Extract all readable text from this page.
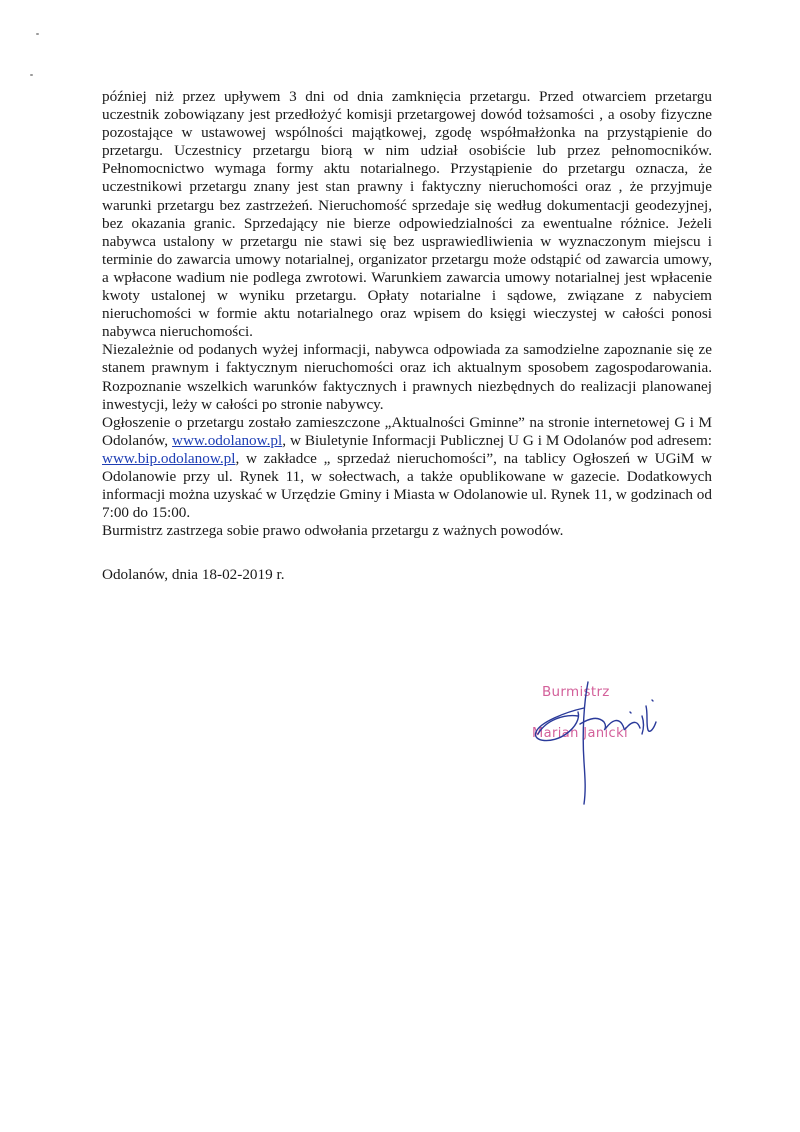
później niż przez upływem 3 dni od dnia zamknięcia przetargu. Przed otwarciem przetargu uczestnik zobowiązany jest przedłożyć komisji przetargowej dowód tożsamości , a osoby fizyczne pozostające w ustawowej wspólności majątkowej, zgodę współmałżonka na przystąpienie do przetargu. Uczestnicy przetargu biorą w nim udział osobiście lub przez pełnomocników. Pełnomocnictwo wymaga formy aktu notarialnego. Przystąpienie do przetargu oznacza, że uczestnikowi przetargu znany jest stan prawny i faktyczny nieruchomości oraz , że przyjmuje warunki przetargu bez zastrzeżeń. Nieruchomość sprzedaje się według dokumentacji geodezyjnej, bez okazania granic. Sprzedający nie bierze odpowiedzialności za ewentualne różnice. Jeżeli nabywca ustalony w przetargu nie stawi się bez usprawiedliwienia w wyznaczonym miejscu i terminie do zawarcia umowy notarialnej, organizator przetargu może odstąpić od zawarcia umowy, a wpłacone wadium nie podlega zwrotowi. Warunkiem zawarcia umowy notarialnej jest wpłacenie kwoty ustalonej w wyniku przetargu. Opłaty notarialne i sądowe, związane z nabyciem nieruchomości w formie aktu notarialnego oraz wpisem do księgi wieczystej w całości ponosi nabywca nieruchomości.

Niezależnie od podanych wyżej informacji, nabywca odpowiada za samodzielne zapoznanie się ze stanem prawnym i faktycznym nieruchomości oraz ich aktualnym sposobem zagospodarowania. Rozpoznanie wszelkich warunków faktycznych i prawnych niezbędnych do realizacji planowanej inwestycji, leży w całości po stronie nabywcy.

Ogłoszenie o przetargu zostało zamieszczone „Aktualności Gminne” na stronie internetowej G i M Odolanów, www.odolanow.pl, w Biuletynie Informacji Publicznej U G i M Odolanów pod adresem: www.bip.odolanow.pl, w zakładce „ sprzedaż nieruchomości”, na tablicy Ogłoszeń w UGiM w Odolanowie przy ul. Rynek 11, w sołectwach, a także opublikowane w gazecie. Dodatkowych informacji można uzyskać w Urzędzie Gminy i Miasta w Odolanowie ul. Rynek 11, w godzinach od 7:00 do 15:00.

Burmistrz zastrzega sobie prawo odwołania przetargu z ważnych powodów.

Odolanów, dnia 18-02-2019 r.
Burmistrz
Marian Janicki
